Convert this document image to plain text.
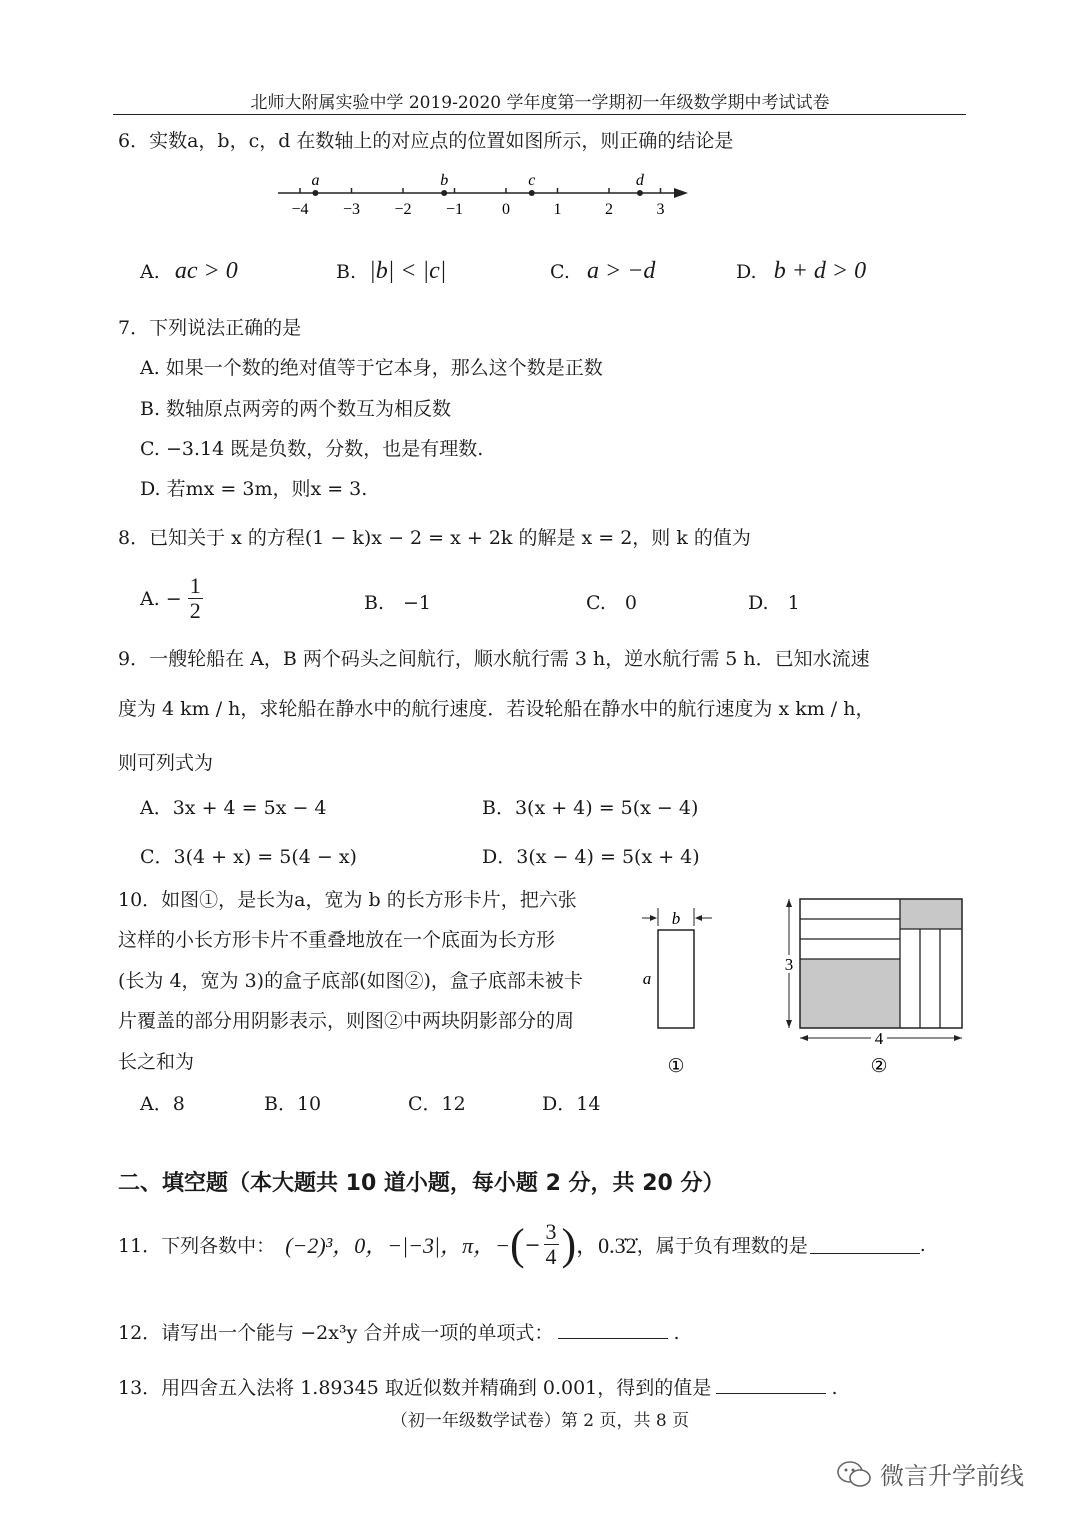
北师大附属实验中学 2019-2020 学年度第一学期初一年级数学期中考试试卷
6．实数a，b，c，d 在数轴上的对应点的位置如图所示，则正确的结论是
−4 −3 −2 −1 0	1	2	3
a	b	c	d
A. ac > 0	B. |b| < |c|	C. a > −d	D. b + d > 0
7．下列说法正确的是
A. 如果一个数的绝对值等于它本身，那么这个数是正数
B. 数轴原点两旁的两个数互为相反数
C. −3.14 既是负数，分数，也是有理数.
D. 若mx = 3m，则x = 3.
8．已知关于 x 的方程(1 − k)x − 2 = x + 2k 的解是 x = 2，则 k 的值为
A. − $\frac{1}{2}$	B.　−1	C.　0	D.　1
9．一艘轮船在 A，B 两个码头之间航行，顺水航行需 3 h，逆水航行需 5 h．已知水流速
度为 4 km / h，求轮船在静水中的航行速度．若设轮船在静水中的航行速度为 x km / h，
则可列式为
A．3x + 4 = 5x − 4	B．3(x + 4) = 5(x − 4)
C．3(4 + x) = 5(4 − x)	D．3(x − 4) = 5(x + 4)
10．如图①，是长为a，宽为 b 的长方形卡片，把六张
这样的小长方形卡片不重叠地放在一个底面为长方形
(长为 4，宽为 3)的盒子底部(如图②)，盒子底部未被卡
片覆盖的部分用阴影表示，则图②中两块阴影部分的周
长之和为
A．8	B．10	C．12	D．14
b
a
①
3
4
②
二、填空题（本大题共 10 道小题，每小题 2 分，共 20 分）
11．下列各数中： (−2)³，0，−|−3|，π，− ( − $\frac{3}{4}$ ) ，0.3̇2̇ ，属于负有理数的是	.
12．请写出一个能与 −2x³y 合并成一项的单项式：	.
13．用四舍五入法将 1.89345 取近似数并精确到 0.001，得到的值是	.
（初一年级数学试卷）第 2 页，共 8 页
微言升学前线
